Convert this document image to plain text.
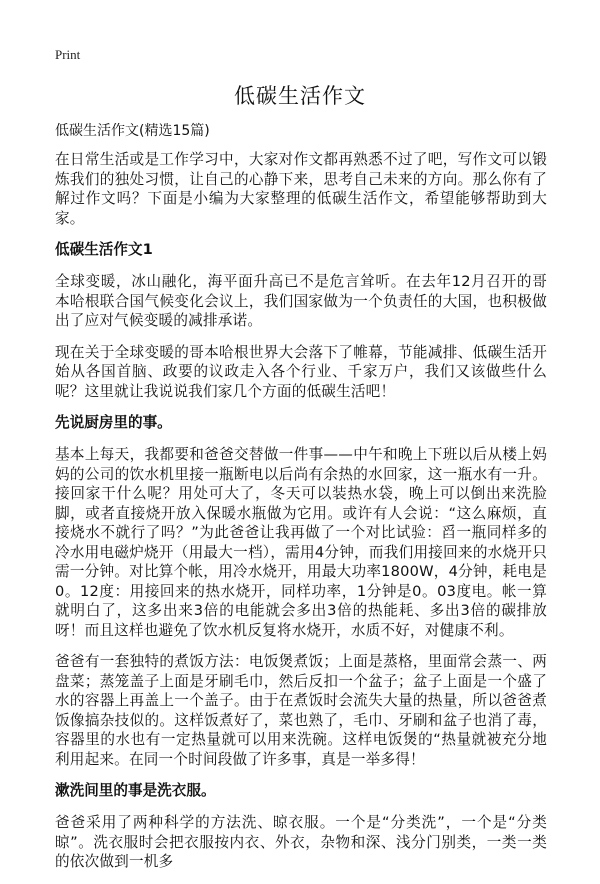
Print
低碳生活作文
低碳生活作文(精选15篇)

在日常生活或是工作学习中，大家对作文都再熟悉不过了吧，写作文可以锻炼我们的独处习惯，让自己的心静下来，思考自己未来的方向。那么你有了解过作文吗？下面是小编为大家整理的低碳生活作文，希望能够帮助到大家。

低碳生活作文1

全球变暖，冰山融化，海平面升高已不是危言耸听。在去年12月召开的哥本哈根联合国气候变化会议上，我们国家做为一个负责任的大国，也积极做出了应对气候变暖的减排承诺。

现在关于全球变暖的哥本哈根世界大会落下了帷幕，节能减排、低碳生活开始从各国首脑、政要的议政走入各个行业、千家万户，我们又该做些什么呢？这里就让我说说我们家几个方面的低碳生活吧！

先说厨房里的事。

基本上每天，我都要和爸爸交替做一件事——中午和晚上下班以后从楼上妈妈的公司的饮水机里接一瓶断电以后尚有余热的水回家，这一瓶水有一升。接回家干什么呢？用处可大了，冬天可以装热水袋，晚上可以倒出来洗脸脚，或者直接烧开放入保暖水瓶做为它用。或许有人会说：“这么麻烦，直接烧水不就行了吗？”为此爸爸让我再做了一个对比试验：舀一瓶同样多的冷水用电磁炉烧开（用最大一档），需用4分钟，而我们用接回来的水烧开只需一分钟。对比算个帐，用冷水烧开，用最大功率1800W，4分钟，耗电是0。12度：用接回来的热水烧开，同样功率，1分钟是0。03度电。帐一算就明白了，这多出来3倍的电能就会多出3倍的热能耗、多出3倍的碳排放呀！而且这样也避免了饮水机反复将水烧开，水质不好，对健康不利。

爸爸有一套独特的煮饭方法：电饭煲煮饭；上面是蒸格，里面常会蒸一、两盘菜；蒸笼盖子上面是牙刷毛巾，然后反扣一个盆子；盆子上面是一个盛了水的容器上再盖上一个盖子。由于在煮饭时会流失大量的热量，所以爸爸煮饭像搞杂技似的。这样饭煮好了，菜也熟了，毛巾、牙刷和盆子也消了毒，容器里的水也有一定热量就可以用来洗碗。这样电饭煲的“热量就被充分地利用起来。在同一个时间段做了许多事，真是一举多得！

漱洗间里的事是洗衣服。

爸爸采用了两种科学的方法洗、晾衣服。一个是“分类洗”，一个是“分类晾”。洗衣服时会把衣服按内衣、外衣，杂物和深、浅分门别类，一类一类的依次做到一机多
